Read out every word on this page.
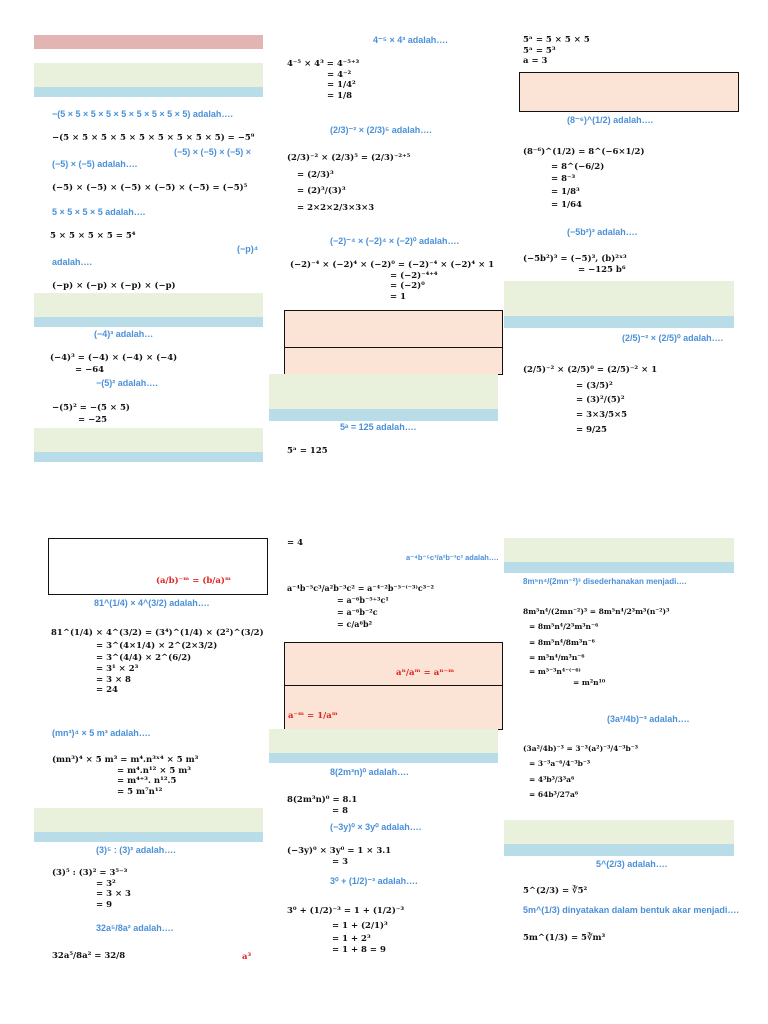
−(5 × 5 × 5 × 5 × 5 × 5 × 5 × 5 × 5) adalah….
−(5 × 5 × 5 × 5 × 5 × 5 × 5 × 5 × 5) = −5⁹
(−5) × (−5) × (−5) ×
(−5) × (−5) adalah….
(−5) × (−5) × (−5) × (−5) × (−5) = (−5)⁵
5 × 5 × 5 × 5 adalah….
5 × 5 × 5 × 5 = 5⁴
(−p)⁴
adalah….
(−p) × (−p) × (−p) × (−p)
(−4)³ adalah…
(−4)³ = (−4) × (−4) × (−4)
= −64
−(5)² adalah….
−(5)² = −(5 × 5)
= −25
4⁻⁵ × 4³ adalah….
4⁻⁵ × 4³ = 4⁻⁵⁺³
= 4⁻²
= 1/4²
= 1/8
(2/3)⁻² × (2/3)⁵ adalah….
(2/3)⁻² × (2/3)⁵ = (2/3)⁻²⁺⁵
= (2/3)³
= (2)³/(3)³
= 2×2×2/3×3×3
(−2)⁻⁴ × (−2)⁴ × (−2)⁰ adalah….
(−2)⁻⁴ × (−2)⁴ × (−2)⁰ = (−2)⁻⁴ × (−2)⁴ × 1
= (−2)⁻⁴⁺⁴
= (−2)⁰
= 1
5ᵃ = 125 adalah….
5ᵃ = 125
5ᵃ = 5 × 5 × 5
5ᵃ = 5³
a = 3
(8⁻⁶)^(1/2) adalah….
(8⁻⁶)^(1/2) = 8^(−6×1/2)
= 8^(−6/2)
= 8⁻³
= 1/8³
= 1/64
(−5b²)³ adalah….
(−5b²)³ = (−5)³, (b)²ˣ³
= −125 b⁶
(2/5)⁻² × (2/5)⁰ adalah….
(2/5)⁻² × (2/5)⁰ = (2/5)⁻² × 1
= (3/5)²
= (3)²/(5)²
= 3×3/5×5
= 9/25
(a/b)⁻ᵐ = (b/a)ᵐ
81^(1/4) × 4^(3/2) adalah….
81^(1/4) × 4^(3/2) = (3⁴)^(1/4) × (2²)^(3/2)
= 3^(4×1/4) × 2^(2×3/2)
= 3^(4/4) × 2^(6/2)
= 3¹ × 2³
= 3 × 8
= 24
(mn³)⁴ × 5 m³ adalah….
(mn³)⁴ × 5 m³ = m⁴.n³ˣ⁴ × 5 m³
= m⁴.n¹² × 5 m³
= m⁴⁺³. n¹².5
= 5 m⁷n¹²
(3)⁵ : (3)² adalah….
(3)⁵ : (3)² = 3⁵⁻³
= 3²
= 3 × 3
= 9
32a⁵/8a² adalah….
32a⁵/8a² = 32/8	a³
= 4
a⁻⁴b⁻⁵c³/a²b⁻³c² adalah….
a⁻⁴b⁻⁵c³/a²b⁻³c² = a⁻⁴⁻²b⁻⁵⁻⁽⁻³⁾c³⁻²
= a⁻⁶b⁻⁵⁺³c¹
= a⁻⁶b⁻²c
= c/a⁶b²
aⁿ/aᵐ = aⁿ⁻ᵐ
a⁻ᵐ = 1/aᵐ
8(2m³n)⁰ adalah….
8(2m³n)⁰ = 8.1
= 8
(−3y)⁰ × 3y⁰ adalah….
(−3y)⁰ × 3y⁰ = 1 × 3.1
= 3
3⁰ + (1/2)⁻³ adalah….
3⁰ + (1/2)⁻³ = 1 + (1/2)⁻³
= 1 + (2/1)³
= 1 + 2³
= 1 + 8 = 9
8m⁵n⁴/(2mn⁻²)³ disederhanakan menjadi….
8m⁵n⁴/(2mn⁻²)³ = 8m⁵n⁴/2³m³(n⁻²)³
= 8m⁵n⁴/2³m³n⁻⁶
= 8m⁵n⁴/8m³n⁻⁶
= m⁵n⁴/m³n⁻⁶
= m⁵⁻³n⁴⁻⁽⁻⁶⁾
= m²n¹⁰
(3a²/4b)⁻³ adalah….
(3a²/4b)⁻³ = 3⁻³(a²)⁻³/4⁻³b⁻³
= 3⁻³a⁻⁶/4⁻³b⁻³
= 4³b³/3³a⁶
= 64b³/27a⁶
5^(2/3) adalah….
5^(2/3) = ∛5²
5m^(1/3) dinyatakan dalam bentuk akar menjadi….
5m^(1/3) = 5∛m³
